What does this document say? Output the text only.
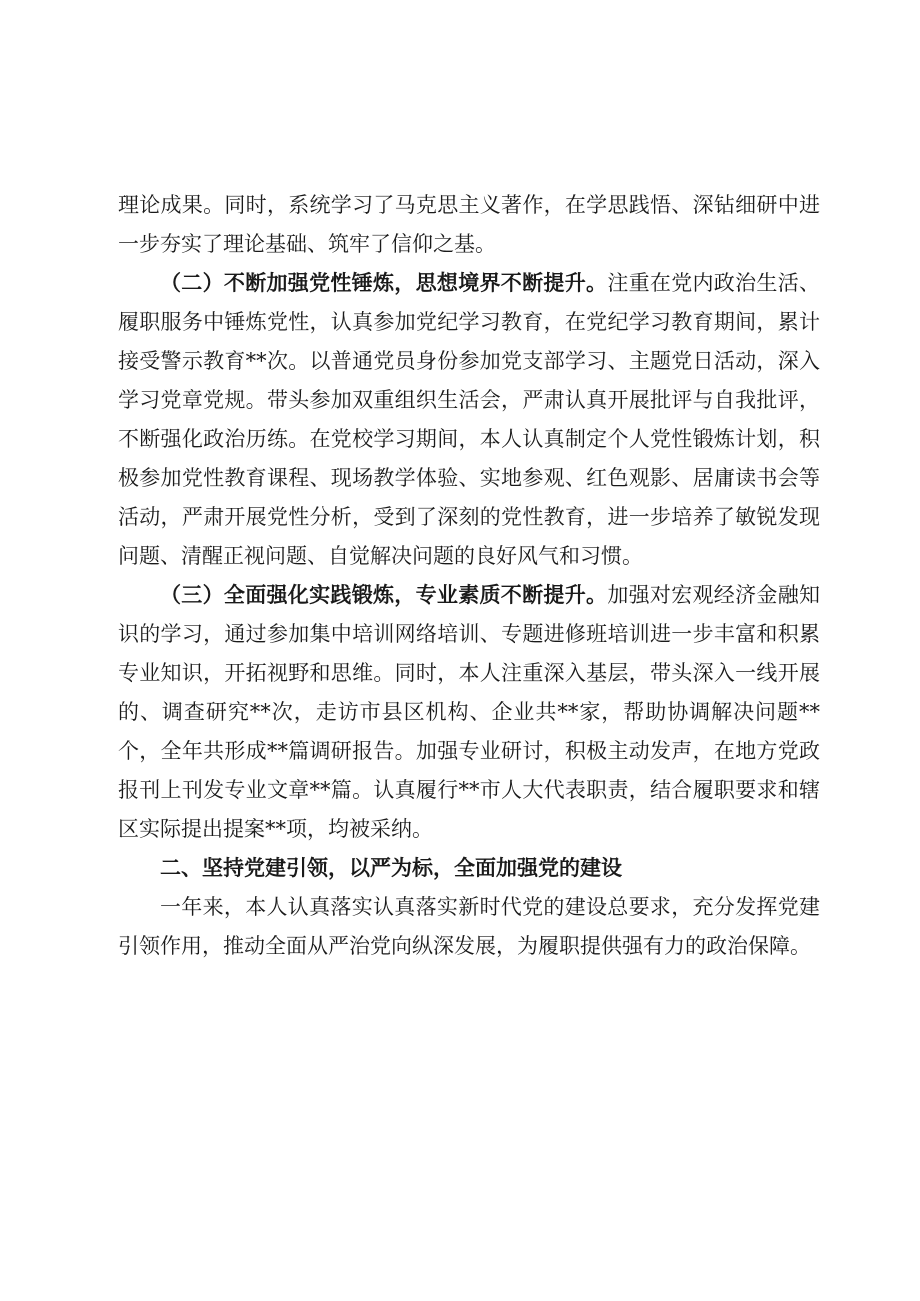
理论成果。同时，系统学习了马克思主义著作，在学思践悟、深钻细研中进一步夯实了理论基础、筑牢了信仰之基。

（二）不断加强党性锤炼，思想境界不断提升。注重在党内政治生活、履职服务中锤炼党性，认真参加党纪学习教育，在党纪学习教育期间，累计接受警示教育**次。以普通党员身份参加党支部学习、主题党日活动，深入学习党章党规。带头参加双重组织生活会，严肃认真开展批评与自我批评，不断强化政治历练。在党校学习期间，本人认真制定个人党性锻炼计划，积极参加党性教育课程、现场教学体验、实地参观、红色观影、居庸读书会等活动，严肃开展党性分析，受到了深刻的党性教育，进一步培养了敏锐发现问题、清醒正视问题、自觉解决问题的良好风气和习惯。

（三）全面强化实践锻炼，专业素质不断提升。加强对宏观经济金融知识的学习，通过参加集中培训网络培训、专题进修班培训进一步丰富和积累专业知识，开拓视野和思维。同时，本人注重深入基层，带头深入一线开展的、调查研究**次，走访市县区机构、企业共**家，帮助协调解决问题**个，全年共形成**篇调研报告。加强专业研讨，积极主动发声，在地方党政报刊上刊发专业文章**篇。认真履行**市人大代表职责，结合履职要求和辖区实际提出提案**项，均被采纳。

二、坚持党建引领，以严为标，全面加强党的建设

一年来，本人认真落实认真落实新时代党的建设总要求，充分发挥党建引领作用，推动全面从严治党向纵深发展，为履职提供强有力的政治保障。
